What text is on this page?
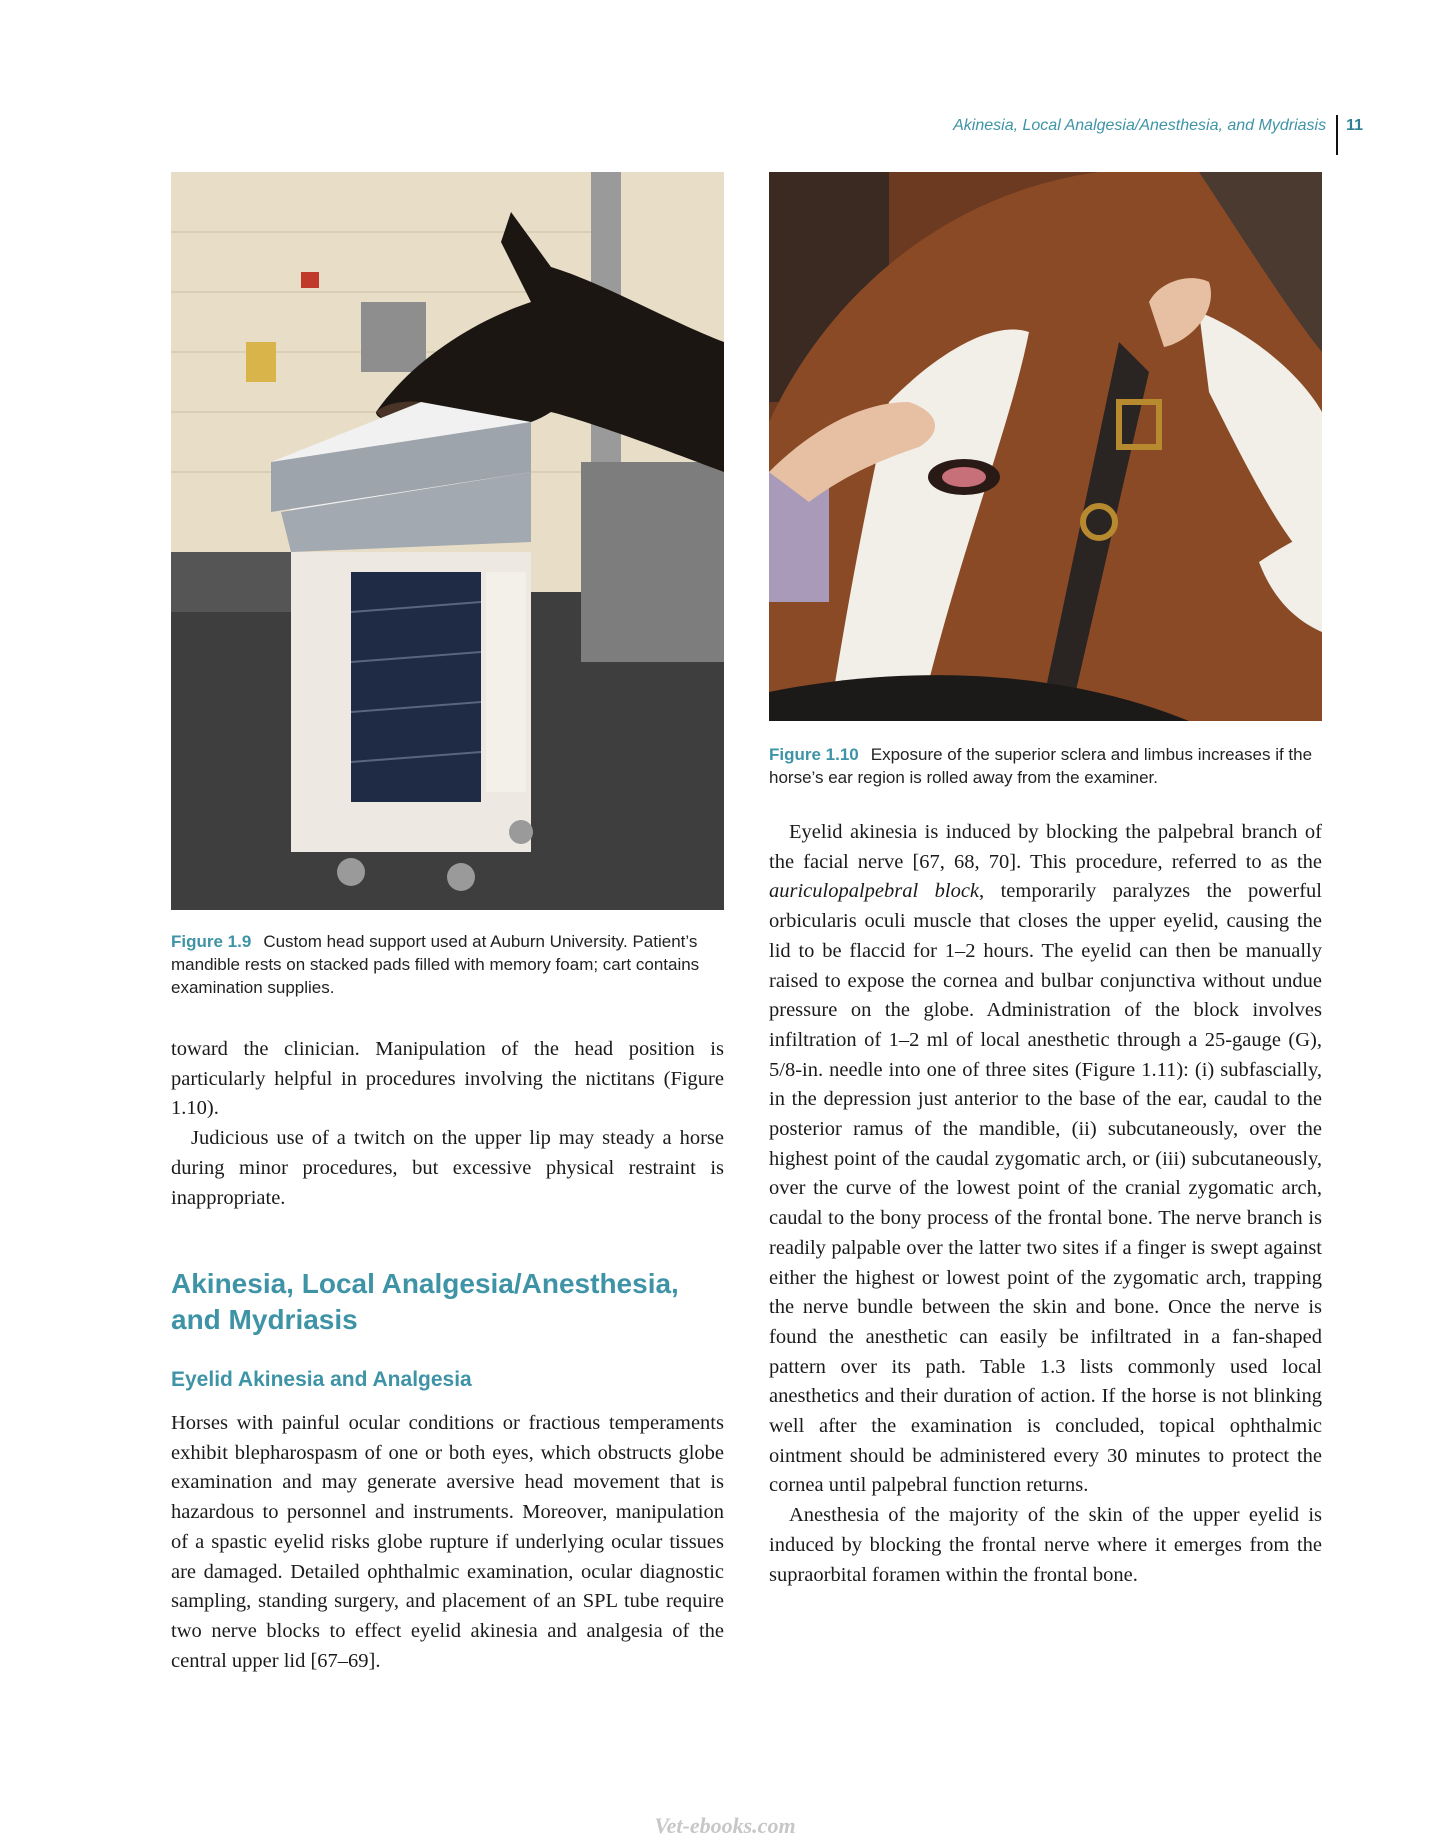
Akinesia, Local Analgesia/Anesthesia, and Mydriasis	11
Figure 1.9 Custom head support used at Auburn University. Patient’s mandible rests on stacked pads filled with memory foam; cart contains examination supplies.
Figure 1.10 Exposure of the superior sclera and limbus increases if the horse’s ear region is rolled away from the examiner.

toward the clinician. Manipulation of the head position is particularly helpful in procedures involving the nictitans (Figure 1.10).

Judicious use of a twitch on the upper lip may steady a horse during minor procedures, but excessive physical restraint is inappropriate.

Akinesia, Local Analgesia/Anesthesia, and Mydriasis
Eyelid Akinesia and Analgesia

Horses with painful ocular conditions or fractious temperaments exhibit blepharospasm of one or both eyes, which obstructs globe examination and may generate aversive head movement that is hazardous to personnel and instruments. Moreover, manipulation of a spastic eyelid risks globe rupture if underlying ocular tissues are damaged. Detailed ophthalmic examination, ocular diagnostic sampling, standing surgery, and placement of an SPL tube require two nerve blocks to effect eyelid akinesia and analgesia of the central upper lid [67–69].

Eyelid akinesia is induced by blocking the palpebral branch of the facial nerve [67, 68, 70]. This procedure, referred to as the auriculopalpebral block, temporarily paralyzes the powerful orbicularis oculi muscle that closes the upper eyelid, causing the lid to be flaccid for 1–2 hours. The eyelid can then be manually raised to expose the cornea and bulbar conjunctiva without undue pressure on the globe. Administration of the block involves infiltration of 1–2 ml of local anesthetic through a 25-gauge (G), 5/8-in. needle into one of three sites (Figure 1.11): (i) subfascially, in the depression just anterior to the base of the ear, caudal to the posterior ramus of the mandible, (ii) subcutaneously, over the highest point of the caudal zygomatic arch, or (iii) subcutaneously, over the curve of the lowest point of the cranial zygomatic arch, caudal to the bony process of the frontal bone. The nerve branch is readily palpable over the latter two sites if a finger is swept against either the highest or lowest point of the zygomatic arch, trapping the nerve bundle between the skin and bone. Once the nerve is found the anesthetic can easily be infiltrated in a fan-shaped pattern over its path. Table 1.3 lists commonly used local anesthetics and their duration of action. If the horse is not blinking well after the examination is concluded, topical ophthalmic ointment should be administered every 30 minutes to protect the cornea until palpebral function returns.

Anesthesia of the majority of the skin of the upper eyelid is induced by blocking the frontal nerve where it emerges from the supraorbital foramen within the frontal bone.

Vet-ebooks.com
